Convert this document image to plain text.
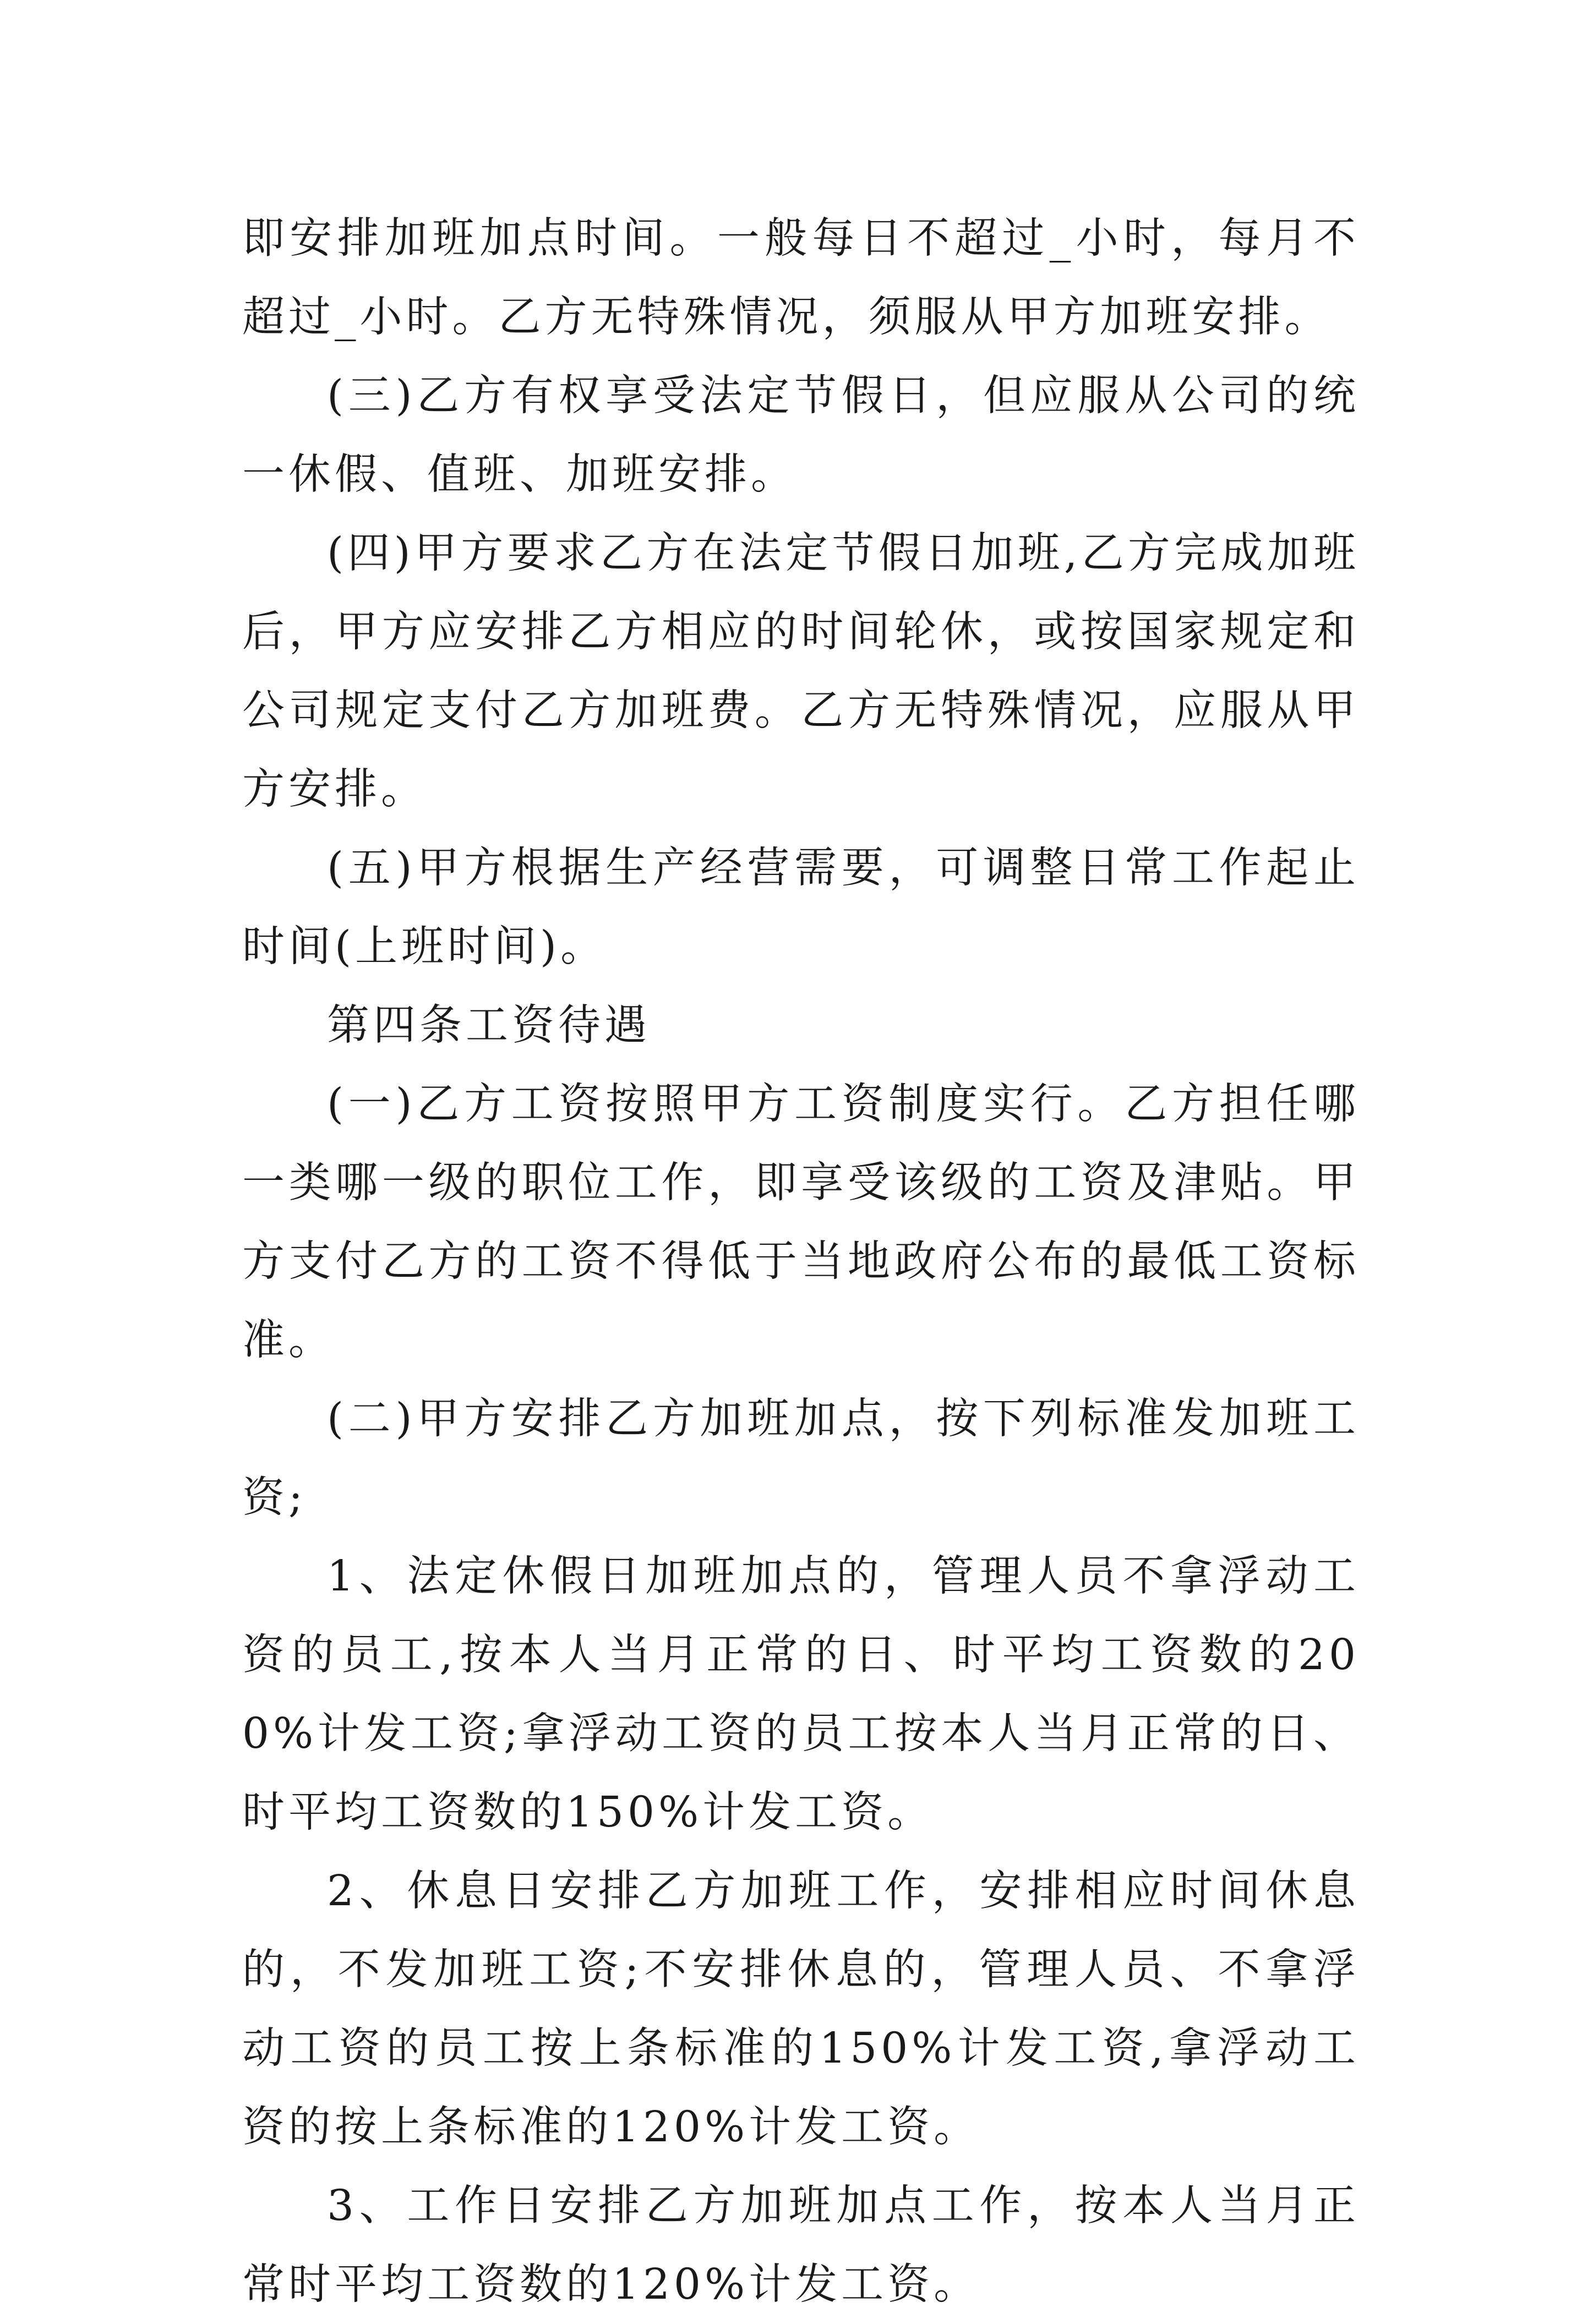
即安排加班加点时间。一般每日不超过_小时，每月不超过_小时。乙方无特殊情况，须服从甲方加班安排。

(三)乙方有权享受法定节假日，但应服从公司的统一休假、值班、加班安排。

(四)甲方要求乙方在法定节假日加班,乙方完成加班后，甲方应安排乙方相应的时间轮休，或按国家规定和公司规定支付乙方加班费。乙方无特殊情况，应服从甲方安排。

(五)甲方根据生产经营需要，可调整日常工作起止时间(上班时间)。

第四条工资待遇

(一)乙方工资按照甲方工资制度实行。乙方担任哪一类哪一级的职位工作，即享受该级的工资及津贴。甲方支付乙方的工资不得低于当地政府公布的最低工资标准。

(二)甲方安排乙方加班加点，按下列标准发加班工资;

1、法定休假日加班加点的，管理人员不拿浮动工资的员工,按本人当月正常的日、时平均工资数的200%计发工资;拿浮动工资的员工按本人当月正常的日、时平均工资数的150%计发工资。

2、休息日安排乙方加班工作，安排相应时间休息的，不发加班工资;不安排休息的，管理人员、不拿浮动工资的员工按上条标准的150%计发工资,拿浮动工资的按上条标准的120%计发工资。

3、工作日安排乙方加班加点工作，按本人当月正常时平均工资数的120%计发工资。
